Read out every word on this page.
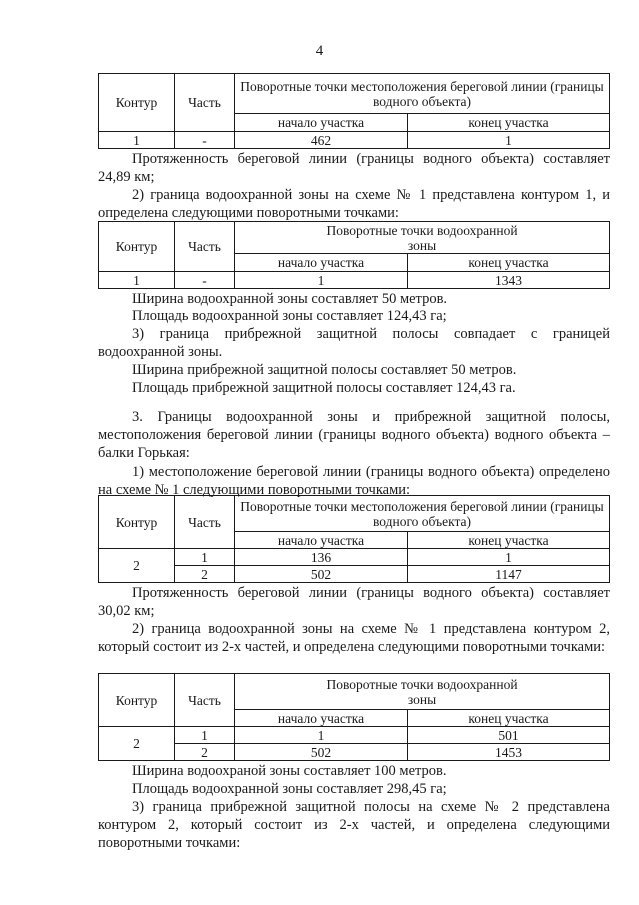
4
Контур	Часть	Поворотные точки местоположения береговой линии (границы водного объекта)	
		начало участка	конец участка
1	-	462	1
Протяженность береговой линии (границы водного объекта) составляет 24,89 км;
2) граница водоохранной зоны на схеме № 1 представлена контуром 1, и определена следующими поворотными точками:
Контур	Часть	Поворотные точки водоохранной зоны	
		начало участка	конец участка
1	-	1	1343
Ширина водоохранной зоны составляет 50 метров.
Площадь водоохранной зоны составляет 124,43 га;
3) граница прибрежной защитной полосы совпадает с границей водоохранной зоны.
Ширина прибрежной защитной полосы составляет 50 метров.
Площадь прибрежной защитной полосы составляет 124,43 га.
3. Границы водоохранной зоны и прибрежной защитной полосы, местоположения береговой линии (границы водного объекта) водного объекта – балки Горькая:
1) местоположение береговой линии (границы водного объекта) определено на схеме № 1 следующими поворотными точками:
Контур	Часть	Поворотные точки местоположения береговой линии (границы водного объекта)	
		начало участка	конец участка
2	1	136	1
	2	502	1147
Протяженность береговой линии (границы водного объекта) составляет 30,02 км;
2) граница водоохранной зоны на схеме № 1 представлена контуром 2, который состоит из 2-х частей, и определена следующими поворотными точками:
Контур	Часть	Поворотные точки водоохранной зоны	
		начало участка	конец участка
2	1	1	501
	2	502	1453
Ширина водоохраной зоны составляет 100 метров.
Площадь водоохранной зоны составляет 298,45 га;
3) граница прибрежной защитной полосы на схеме № 2 представлена контуром 2, который состоит из 2-х частей, и определена следующими поворотными точками:
